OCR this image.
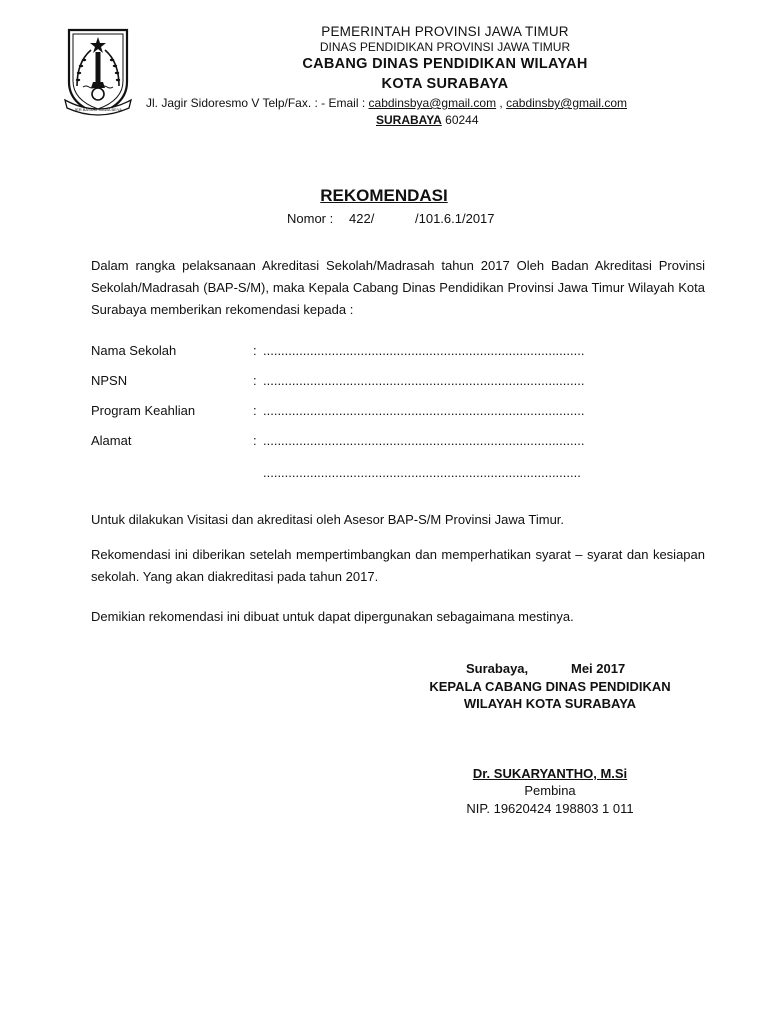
JER BASUKI MAWA BEYA
PEMERINTAH PROVINSI JAWA TIMUR
DINAS PENDIDIKAN PROVINSI JAWA TIMUR
CABANG DINAS PENDIDIKAN WILAYAH
KOTA SURABAYA
Jl. Jagir Sidoresmo V Telp/Fax. : - Email : cabdinsbya@gmail.com , cabdinsby@gmail.com
SURABAYA 60244
REKOMENDASI
Nomor : 422/	/101.6.1/2017
Dalam rangka pelaksanaan Akreditasi Sekolah/Madrasah tahun 2017 Oleh Badan Akreditasi Provinsi Sekolah/Madrasah (BAP-S/M), maka Kepala Cabang Dinas Pendidikan Provinsi Jawa Timur Wilayah Kota Surabaya memberikan rekomendasi kepada :
Nama Sekolah	: .........................................................................................
NPSN	: .........................................................................................
Program Keahlian	: .........................................................................................
Alamat	: .........................................................................................
........................................................................................
Untuk dilakukan Visitasi dan akreditasi oleh Asesor BAP-S/M Provinsi Jawa Timur.
Rekomendasi ini diberikan setelah mempertimbangkan dan memperhatikan syarat – syarat dan kesiapan sekolah. Yang akan diakreditasi pada tahun 2017.
Demikian rekomendasi ini dibuat untuk dapat dipergunakan sebagaimana mestinya.
Surabaya,	Mei 2017
KEPALA CABANG DINAS PENDIDIKAN
WILAYAH KOTA SURABAYA
Dr. SUKARYANTHO, M.Si
Pembina
NIP. 19620424 198803 1 011
